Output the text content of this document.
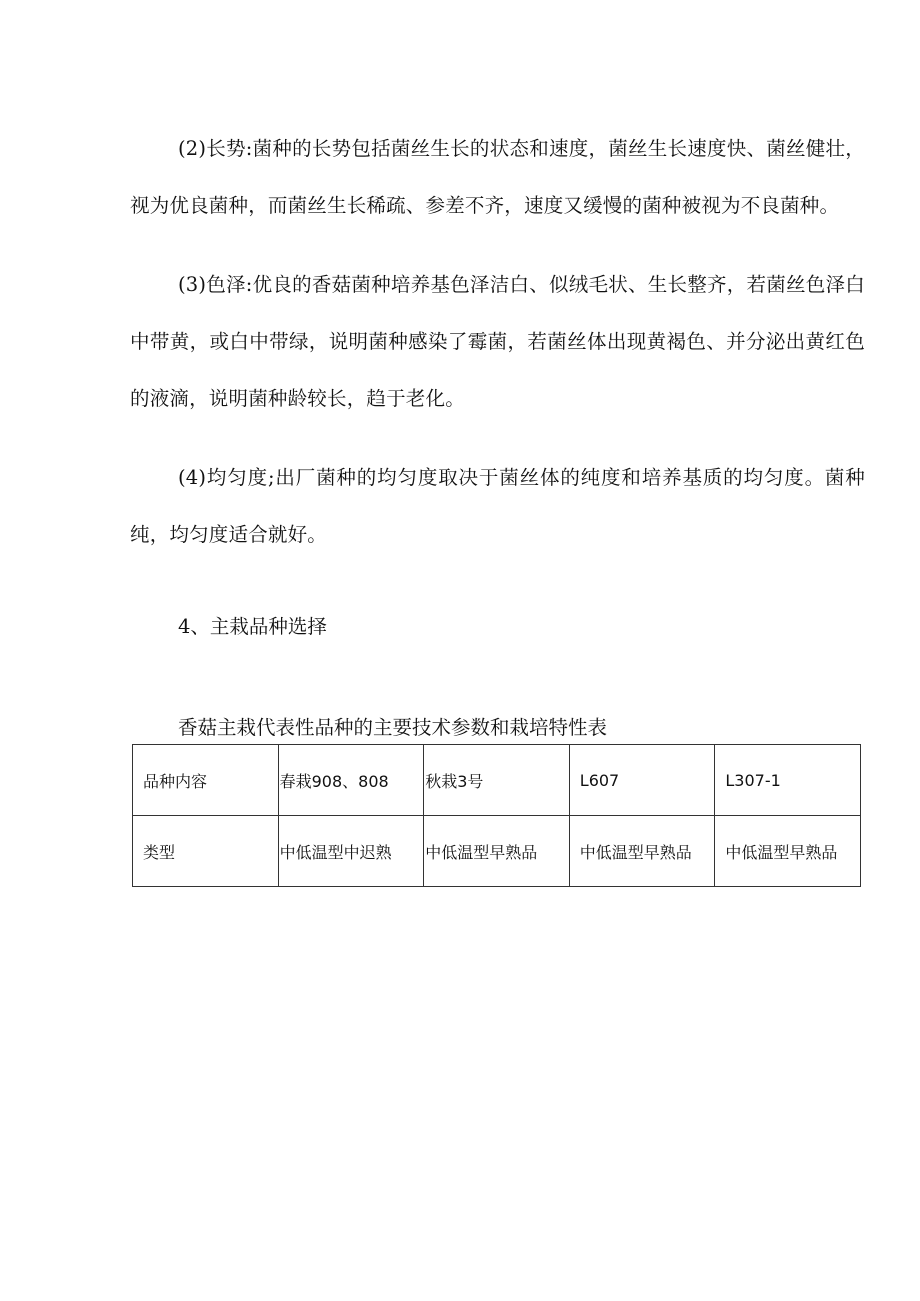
(2)长势:菌种的长势包括菌丝生长的状态和速度，菌丝生长速度快、菌丝健壮，视为优良菌种，而菌丝生长稀疏、参差不齐，速度又缓慢的菌种被视为不良菌种。

(3)色泽:优良的香菇菌种培养基色泽洁白、似绒毛状、生长整齐，若菌丝色泽白中带黄，或白中带绿，说明菌种感染了霉菌，若菌丝体出现黄褐色、并分泌出黄红色的液滴，说明菌种龄较长，趋于老化。

(4)均匀度;出厂菌种的均匀度取决于菌丝体的纯度和培养基质的均匀度。菌种纯，均匀度适合就好。

4、主栽品种选择

香菇主栽代表性品种的主要技术参数和栽培特性表

品种内容	春栽908、808	秋栽3号	L607	L307-1
类型	中低温型中迟熟	中低温型早熟品	中低温型早熟品	中低温型早熟品
